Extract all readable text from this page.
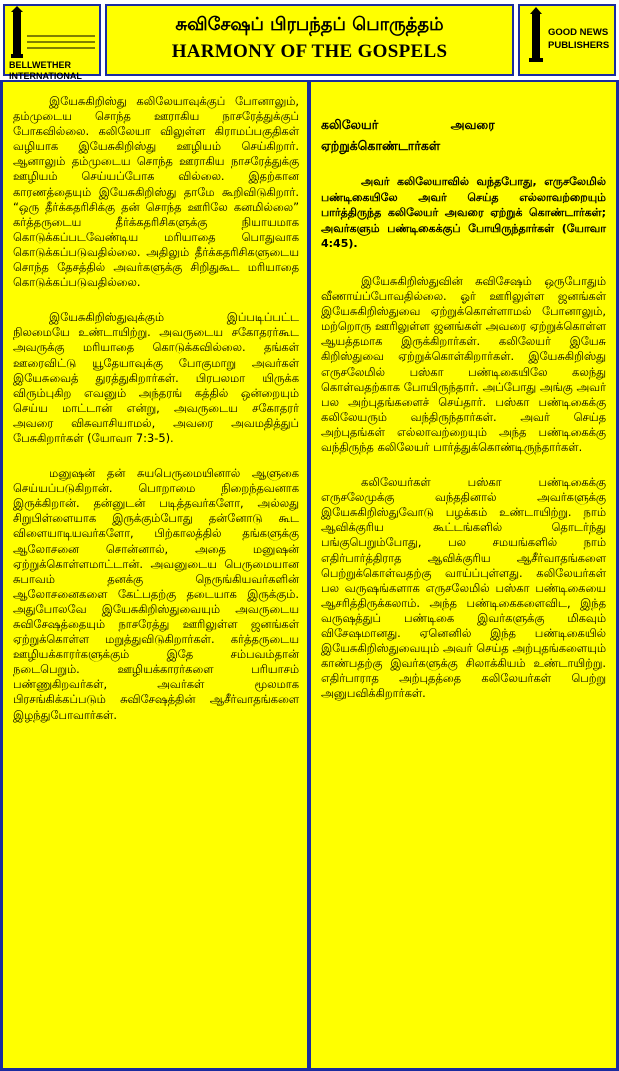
BELLWETHER
INTERNATIONAL
சுவிசேஷப் பிரபந்தப் பொருத்தம்
HARMONY OF THE GOSPELS
GOOD NEWS
PUBLISHERS

இயேசுகிறிஸ்து கலிலேயாவுக்குப் போனாலும், தம்முடைய சொந்த ஊராகிய நாசரேத்துக்குப் போகவில்லை. கலிலேயா விலுள்ள கிராமப்பகுதிகள் வழியாக இயேசுகிறிஸ்து ஊழியம் செய்கிறார். ஆனாலும் தம்முடைய சொந்த ஊராகிய நாசரேத்துக்கு ஊழியம் செய்யப்போக வில்லை. இதற்கான காரணத்தையும் இயேசுகிறிஸ்து தாமே கூறிவிடுகிறார். “ஒரு தீர்க்கதரிசிக்கு தன் சொந்த ஊரிலே கனமில்லை” கர்த்தருடைய தீர்க்கதரிசிகளுக்கு நியாயமாக கொடுக்கப்படவேண்டிய மரியாதை பொதுவாக கொடுக்கப்படுவதில்லை. அதிலும் தீர்க்கதரிசிகளுடைய சொந்த தேசத்தில் அவர்களுக்கு சிறிதுகூட மரியாதை கொடுக்கப்படுவதில்லை.

இயேசுகிறிஸ்துவுக்கும் இப்படிப்பட்ட நிலமையே உண்டாயிற்று. அவருடைய சகோதரர்கூட அவருக்கு மரியாதை கொடுக்கவில்லை. தங்கள் ஊரைவிட்டு யூதேயாவுக்கு போகுமாறு அவர்கள் இயேசுவைத் துரத்துகிறார்கள். பிரபலமா யிருக்க விரும்புகிற எவனும் அந்தரங் கத்தில் ஒன்றையும் செய்ய மாட்டான் என்று, அவருடைய சகோதரர் அவரை விசுவாசியாமல், அவரை அவமதித்துப் பேசுகிறார்கள் (யோவா 7:3-5).

மனுஷன் தன் சுயபெருமையினால் ஆளுகை செய்யப்படுகிறான். பொறாமை நிறைந்தவனாக இருக்கிறான். தன்னுடன் படித்தவர்களோ, அல்லது சிறுபிள்ளையாக இருக்கும்போது தன்னோடு கூட விளையாடியவர்களோ, பிற்காலத்தில் தங்களுக்கு ஆலோசனை சொன்னால், அதை மனுஷன் ஏற்றுக்கொள்ளமாட்டான். அவனுடைய பெருமையான சுபாவம் தனக்கு நெருங்கியவர்களின் ஆலோசனைகளை கேட்பதற்கு தடையாக இருக்கும். அதுபோலவே இயேசுகிறிஸ்துவையும் அவருடைய சுவிசேஷத்தையும் நாசரேத்து ஊரிலுள்ள ஜனங்கள் ஏற்றுக்கொள்ள மறுத்துவிடுகிறார்கள். கர்த்தருடைய ஊழியக்காரர்களுக்கும் இதே சம்பவம்தான் நடைபெறும். ஊழியக்காரர்களை பரியாசம் பண்ணுகிறவர்கள், அவர்கள் மூலமாக பிரசங்கிக்கப்படும் சுவிசேஷத்தின் ஆசீர்வாதங்களை இழந்துபோவார்கள்.

கலிலேயர் அவரை
ஏற்றுக்கொண்டார்கள்

அவர் கலிலேயாவில் வந்தபோது, எருசலேமில் பண்டிகையிலே அவர் செய்த எல்லாவற்றையும் பார்த்திருந்த கலிலேயர் அவரை ஏற்றுக் கொண்டார்கள்; அவர்களும் பண்டிகைக்குப் போயிருந்தார்கள் (யோவா 4:45).

இயேசுகிறிஸ்துவின் சுவிசேஷம் ஒருபோதும் வீணாய்ப்போவதில்லை. ஓர் ஊரிலுள்ள ஜனங்கள் இயேசுகிறிஸ்துவை ஏற்றுக்கொள்ளாமல் போனாலும், மற்றொரு ஊரிலுள்ள ஜனங்கள் அவரை ஏற்றுக்கொள்ள ஆயத்தமாக இருக்கிறார்கள். கலிலேயர் இயேசு கிறிஸ்துவை ஏற்றுக்கொள்கிறார்கள். இயேசுகிறிஸ்து எருசலேமில் பஸ்கா பண்டிகையிலே கலந்து கொள்வதற்காக போயிருந்தார். அப்போது அங்கு அவர் பல அற்புதங்களைச் செய்தார். பஸ்கா பண்டிகைக்கு கலிலேயரும் வந்திருந்தார்கள். அவர் செய்த அற்புதங்கள் எல்லாவற்றையும் அந்த பண்டிகைக்கு வந்திருந்த கலிலேயர் பார்த்துக்கொண்டிருந்தார்கள்.

கலிலேயர்கள் பஸ்கா பண்டிகைக்கு எருசலேமுக்கு வந்ததினால் அவர்களுக்கு இயேசுகிறிஸ்துவோடு பழக்கம் உண்டாயிற்று. நாம் ஆவிக்குரிய கூட்டங்களில் தொடர்ந்து பங்குபெறும்போது, பல சமயங்களில் நாம் எதிர்பார்த்திராத ஆவிக்குரிய ஆசீர்வாதங்களை பெற்றுக்கொள்வதற்கு வாய்ப்புள்ளது. கலிலேயர்கள் பல வருஷங்களாக எருசலேமில் பஸ்கா பண்டிகையை ஆசரித்திருக்கலாம். அந்த பண்டிகைகளைவிட, இந்த வருஷத்துப் பண்டிகை இவர்களுக்கு மிகவும் விசேஷமானது. ஏனெனில் இந்த பண்டிகையில் இயேசுகிறிஸ்துவையும் அவர் செய்த அற்புதங்களையும் காண்பதற்கு இவர்களுக்கு சிலாக்கியம் உண்டாயிற்று. எதிர்பாராத அற்புதத்தை கலிலேயர்கள் பெற்று அனுபவிக்கிறார்கள்.
